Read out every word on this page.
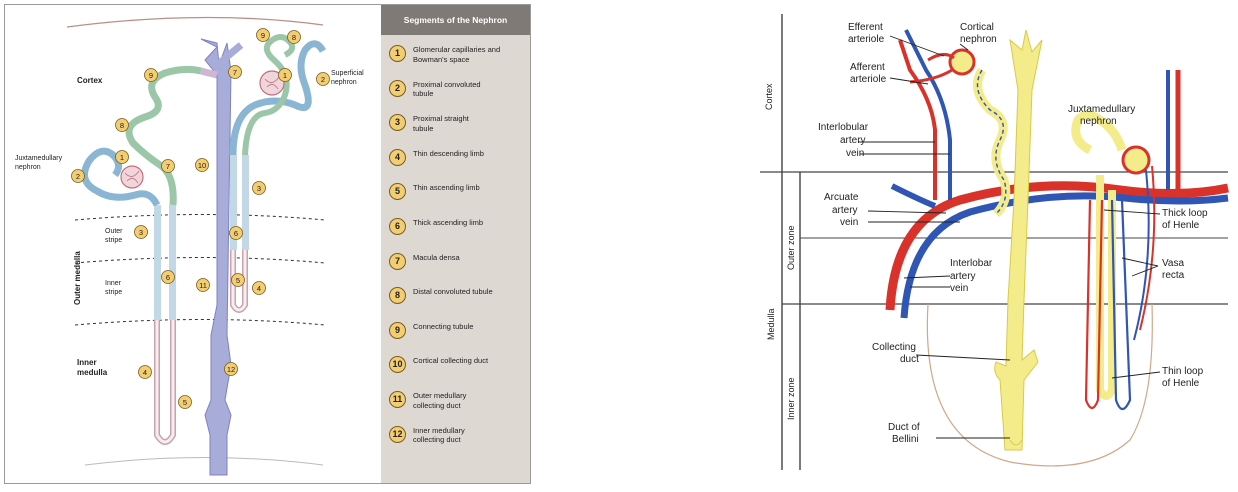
9	8
7	1	2
9
8
1
7	10
2
3
3	6
6
11
5
4
4	12
5
Cortex
Juxtamedullary
nephron
Superficial
nephron
Outer
stripe
Inner
stripe
Outer medulla
Inner
medulla
Segments of the Nephron
1	Glomerular capillaries and
Bowman's space
2	Proximal convoluted
tubule
3	Proximal straight
tubule
4	Thin descending limb
5	Thin ascending limb
6	Thick ascending limb
7	Macula densa
8	Distal convoluted tubule
9	Connecting tubule
10	Cortical collecting duct
11	Outer medullary
collecting duct
12	Inner medullary
collecting duct
Cortex
Outer zone
Medulla
Inner zone
Efferent
arteriole
Afferent
arteriole
Cortical
nephron
Interlobular
artery
vein
Juxtamedullary
nephron
Arcuate
artery
vein
Interlobar
artery
vein
Thick loop
of Henle
Vasa
recta
Collecting
duct
Thin loop
of Henle
Duct of
Bellini
